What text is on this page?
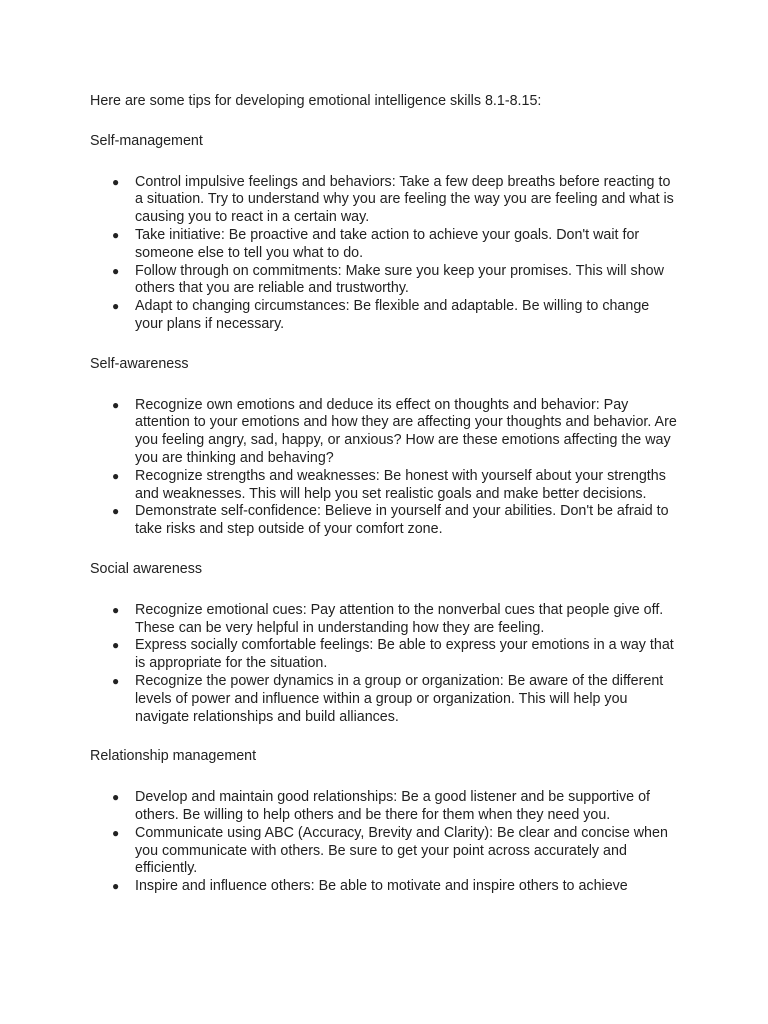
Here are some tips for developing emotional intelligence skills 8.1-8.15:

Self-management

● Control impulsive feelings and behaviors: Take a few deep breaths before reacting to a situation. Try to understand why you are feeling the way you are feeling and what is causing you to react in a certain way.
● Take initiative: Be proactive and take action to achieve your goals. Don't wait for someone else to tell you what to do.
● Follow through on commitments: Make sure you keep your promises. This will show others that you are reliable and trustworthy.
● Adapt to changing circumstances: Be flexible and adaptable. Be willing to change your plans if necessary.

Self-awareness

● Recognize own emotions and deduce its effect on thoughts and behavior: Pay attention to your emotions and how they are affecting your thoughts and behavior. Are you feeling angry, sad, happy, or anxious? How are these emotions affecting the way you are thinking and behaving?
● Recognize strengths and weaknesses: Be honest with yourself about your strengths and weaknesses. This will help you set realistic goals and make better decisions.
● Demonstrate self-confidence: Believe in yourself and your abilities. Don't be afraid to take risks and step outside of your comfort zone.

Social awareness

● Recognize emotional cues: Pay attention to the nonverbal cues that people give off. These can be very helpful in understanding how they are feeling.
● Express socially comfortable feelings: Be able to express your emotions in a way that is appropriate for the situation.
● Recognize the power dynamics in a group or organization: Be aware of the different levels of power and influence within a group or organization. This will help you navigate relationships and build alliances.

Relationship management

● Develop and maintain good relationships: Be a good listener and be supportive of others. Be willing to help others and be there for them when they need you.
● Communicate using ABC (Accuracy, Brevity and Clarity): Be clear and concise when you communicate with others. Be sure to get your point across accurately and efficiently.
● Inspire and influence others: Be able to motivate and inspire others to achieve
